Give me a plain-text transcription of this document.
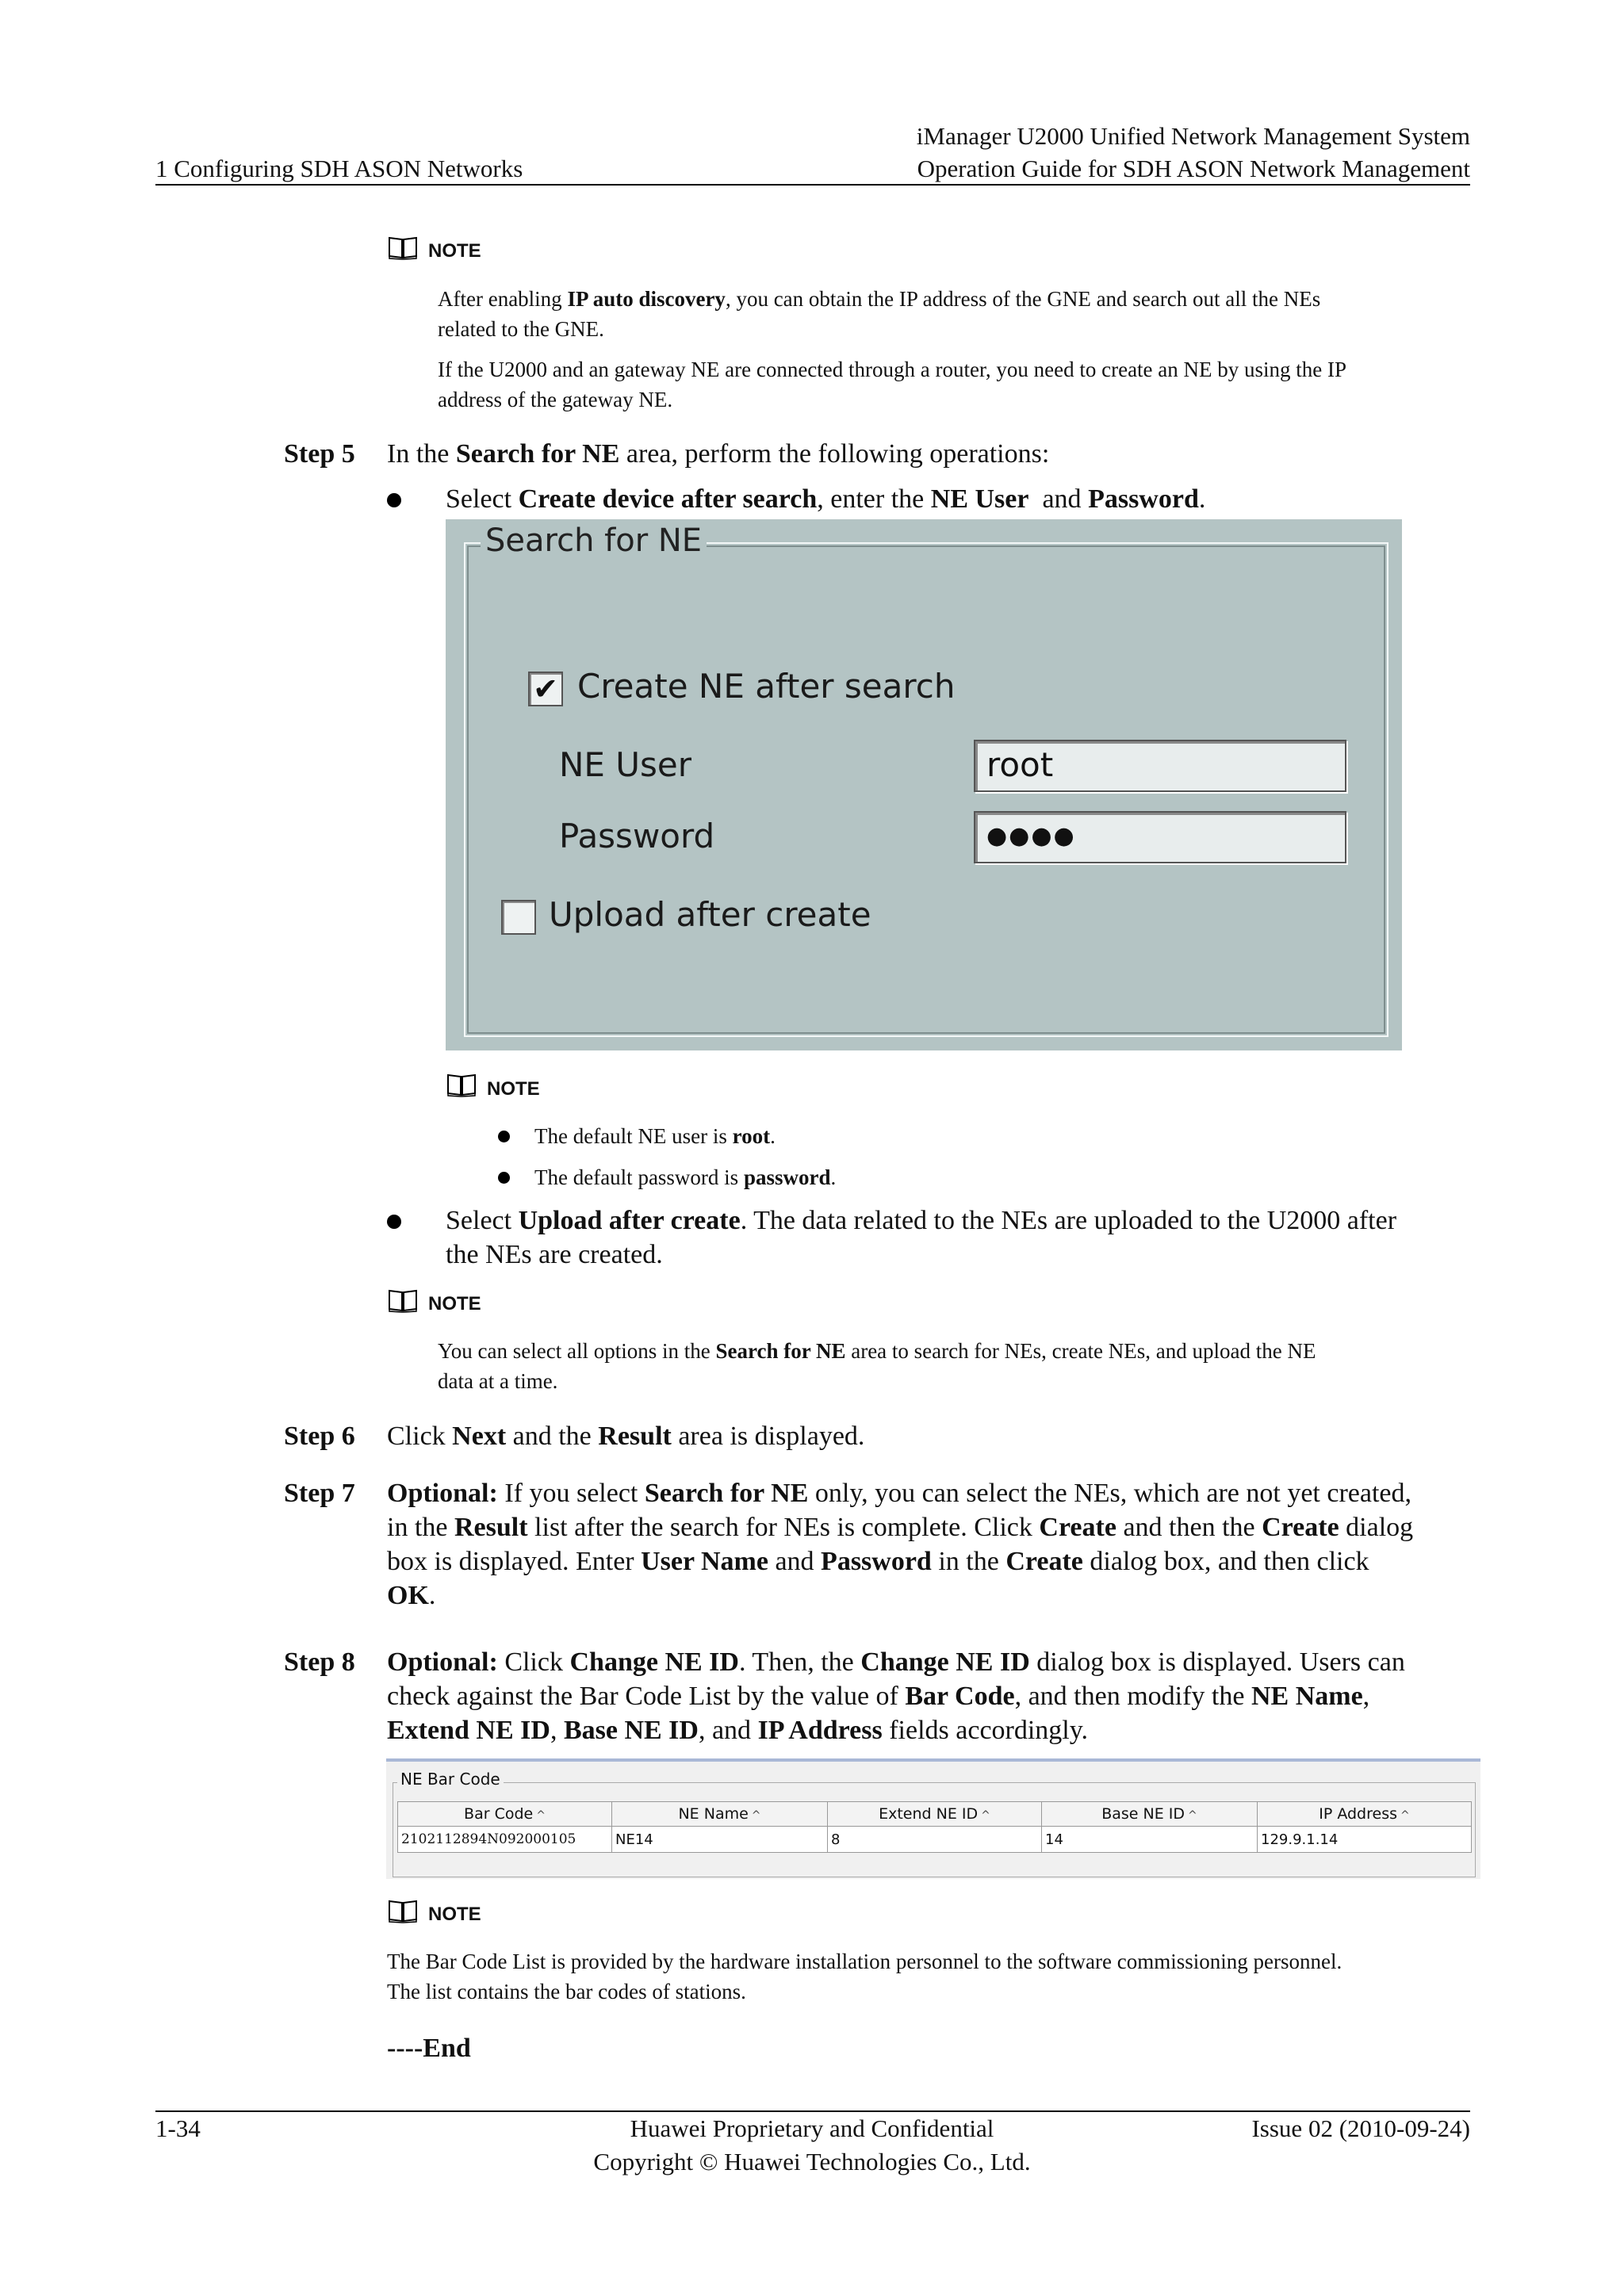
1 Configuring SDH ASON Networks
iManager U2000 Unified Network Management System
Operation Guide for SDH ASON Network Management
NOTE
After enabling IP auto discovery, you can obtain the IP address of the GNE and search out all the NEs
related to the GNE.
If the U2000 and an gateway NE are connected through a router, you need to create an NE by using the IP
address of the gateway NE.
Step 5 In the Search for NE area, perform the following operations:
Select Create device after search, enter the NE User  and Password.
Search for NE
✔ Create NE after search
NE User	root
Password	●●●●
Upload after create
NOTE
The default NE user is root.
The default password is password.
Select Upload after create. The data related to the NEs are uploaded to the U2000 after
the NEs are created.
NOTE
You can select all options in the Search for NE area to search for NEs, create NEs, and upload the NE
data at a time.
Step 6 Click Next and the Result area is displayed.
Step 7 Optional: If you select Search for NE only, you can select the NEs, which are not yet created,
in the Result list after the search for NEs is complete. Click Create and then the Create dialog
box is displayed. Enter User Name and Password in the Create dialog box, and then click
OK.
Step 8 Optional: Click Change NE ID. Then, the Change NE ID dialog box is displayed. Users can
check against the Bar Code List by the value of Bar Code, and then modify the NE Name,
Extend NE ID, Base NE ID, and IP Address fields accordingly.
NE Bar Code
Bar Code ^	NE Name ^	Extend NE ID ^	Base NE ID ^	IP Address ^
2102112894N092000105	NE14	8	14	129.9.1.14
NOTE
The Bar Code List is provided by the hardware installation personnel to the software commissioning personnel.
The list contains the bar codes of stations.
----End
1-34	Huawei Proprietary and Confidential
Copyright © Huawei Technologies Co., Ltd.
Issue 02 (2010-09-24)
